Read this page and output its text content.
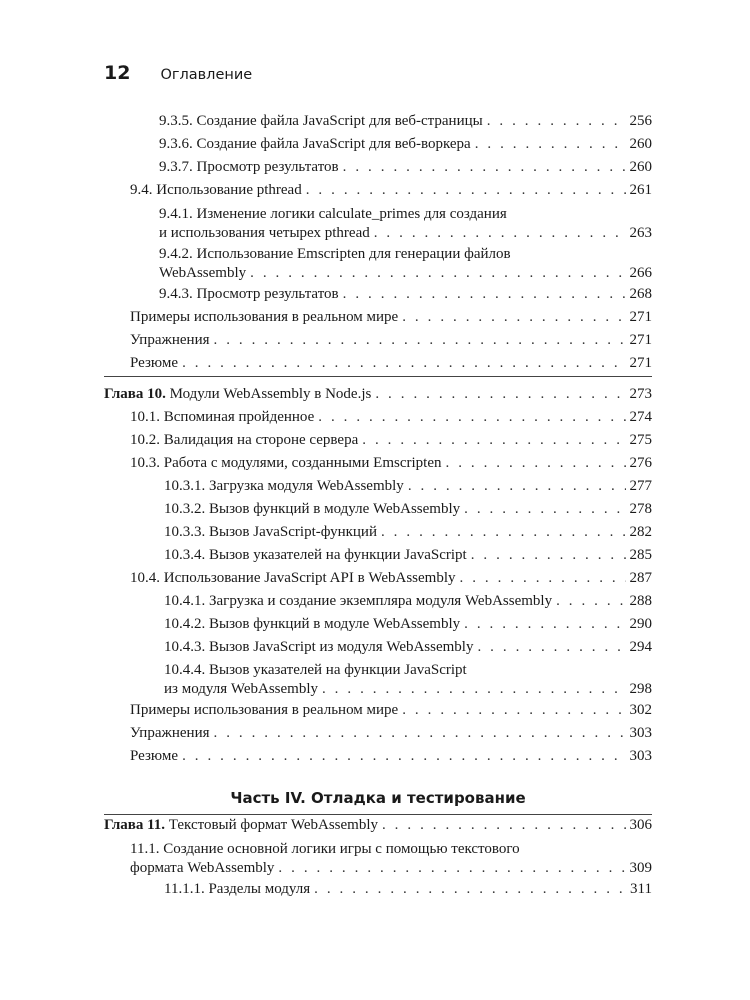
12 Оглавление
9.3.5. Создание файла JavaScript для веб-страницы . . .	256
9.3.6. Создание файла JavaScript для веб-воркера . . .	260
9.3.7. Просмотр результатов . . .	260
9.4. Использование pthread . . .	261
9.4.1. Изменение логики calculate_primes для создания
и использования четырех pthread . . .	263
9.4.2. Использование Emscripten для генерации файлов
WebAssembly . . .	266
9.4.3. Просмотр результатов . . .	268
Примеры использования в реальном мире . . .	271
Упражнения . . .	271
Резюме . . .	271
Глава 10. Модули WebAssembly в Node.js . . .	273
10.1. Вспоминая пройденное . . .	274
10.2. Валидация на стороне сервера . . .	275
10.3. Работа с модулями, созданными Emscripten . . .	276
10.3.1. Загрузка модуля WebAssembly . . .	277
10.3.2. Вызов функций в модуле WebAssembly . . .	278
10.3.3. Вызов JavaScript-функций . . .	282
10.3.4. Вызов указателей на функции JavaScript . . .	285
10.4. Использование JavaScript API в WebAssembly . . .	287
10.4.1. Загрузка и создание экземпляра модуля WebAssembly . . .	288
10.4.2. Вызов функций в модуле WebAssembly . . .	290
10.4.3. Вызов JavaScript из модуля WebAssembly . . .	294
10.4.4. Вызов указателей на функции JavaScript
из модуля WebAssembly . . .	298
Примеры использования в реальном мире . . .	302
Упражнения . . .	303
Резюме . . .	303
Глава 11. Текстовый формат WebAssembly . . .	306
11.1. Создание основной логики игры с помощью текстового
формата WebAssembly . . .	309
11.1.1. Разделы модуля . . .	311
Часть IV. Отладка и тестирование
